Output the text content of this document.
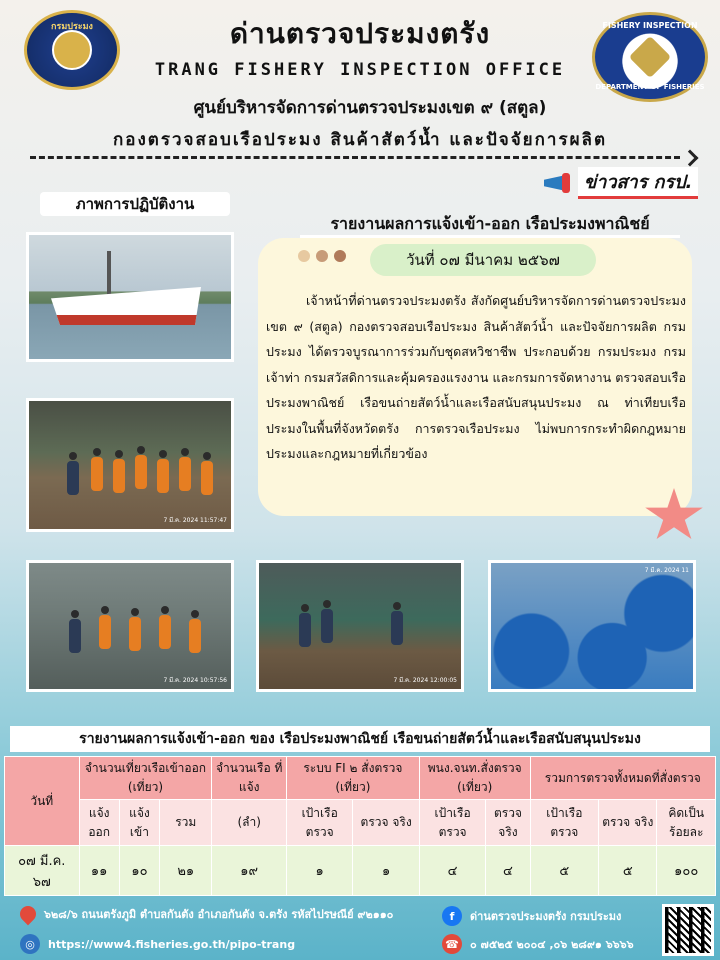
กรมประมง	ด่านตรวจประมงตรัง
TRANG FISHERY INSPECTION OFFICE
FISHERY INSPECTION
DEPARTMENT OF FISHERIES
ศูนย์บริหารจัดการด่านตรวจประมงเขต ๙ (สตูล)
กองตรวจสอบเรือประมง สินค้าสัตว์น้ำ และปัจจัยการผลิต
ข่าวสาร กรป.
ภาพการปฏิบัติงาน
รายงานผลการแจ้งเข้า-ออก เรือประมงพาณิชย์
7 มี.ค. 2024 11:57:47
7 มี.ค. 2024 10:57:56	7 มี.ค. 2024 12:00:05
7 มี.ค. 2024 11
วันที่ ๐๗ มีนาคม ๒๕๖๗
เจ้าหน้าที่ด่านตรวจประมงตรัง สังกัดศูนย์บริหารจัดการด่านตรวจประมง เขต ๙ (สตูล) กองตรวจสอบเรือประมง สินค้าสัตว์น้ำ และปัจจัยการผลิต กรมประมง ได้ตรวจบูรณาการร่วมกับชุดสหวิชาชีพ ประกอบด้วย กรมประมง กรมเจ้าท่า กรมสวัสดิการและคุ้มครองแรงงาน และกรมการจัดหางาน ตรวจสอบเรือประมงพาณิชย์ เรือขนถ่ายสัตว์น้ำและเรือสนับสนุนประมง ณ ท่าเทียบเรือประมงในพื้นที่จังหวัดตรัง การตรวจเรือประมง ไม่พบการกระทำผิดกฎหมายประมงและกฎหมายที่เกี่ยวข้อง
รายงานผลการแจ้งเข้า-ออก ของ เรือประมงพาณิชย์ เรือขนถ่ายสัตว์น้ำและเรือสนับสนุนประมง
วันที่	จำนวนเที่ยวเรือเข้าออก (เที่ยว)			จำนวนเรือ ที่แจ้ง	ระบบ FI ๒ สั่งตรวจ (เที่ยว)		พนง.จนท.สั่งตรวจ (เที่ยว)		รวมการตรวจทั้งหมดที่สั่งตรวจ		
	แจ้ง ออก	แจ้ง เข้า	รวม	(ลำ)	เป้าเรือ ตรวจ	ตรวจ จริง	เป้าเรือ ตรวจ	ตรวจ จริง	เป้าเรือ ตรวจ	ตรวจ จริง	คิดเป็น ร้อยละ
๐๗ มี.ค. ๖๗	๑๑	๑๐	๒๑	๑๙	๑	๑	๔	๔	๕	๕	๑๐๐
๖๒๘/๖ ถนนตรังภูมิ ตำบลกันตัง อำเภอกันตัง จ.ตรัง รหัสไปรษณีย์ ๙๒๑๑๐
◎	https://www4.fisheries.go.th/pipo-trang
f	ด่านตรวจประมงตรัง กรมประมง
☎ ๐ ๗๕๒๕ ๒๐๐๔ ,๐๖ ๒๘๙๑ ๖๖๖๖
